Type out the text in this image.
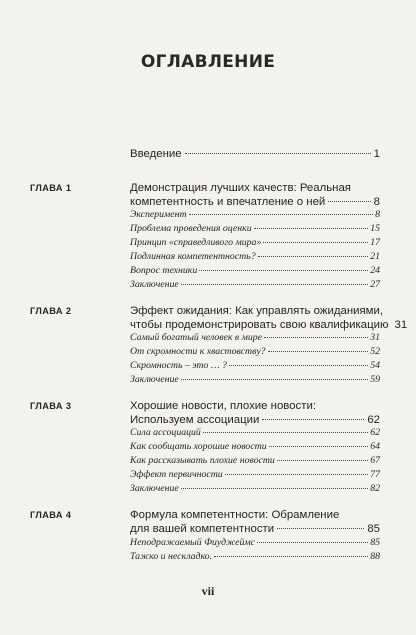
ОГЛАВЛЕНИЕ
Введение	1
ГЛАВА 1	Демонстрация лучших качеств: Реальная
компетентность и впечатление о ней	8
Эксперимент	8
Проблема проведения оценки	15
Принцип «справедливого мира»	17
Подлинная компетентность?	21
Вопрос техники	24
Заключение	27
ГЛАВА 2	Эффект ожидания: Как управлять ожиданиями,
чтобы продемонстрировать свою квалификацию 31
Самый богатый человек в мире	31
От скромности к хвастовству?	52
Скромность – это … ?	54
Заключение	59
ГЛАВА 3	Хорошие новости, плохие новости:
Используем ассоциации	62
Сила ассоциаций	62
Как сообщать хорошие новости	64
Как рассказывать плохие новости	67
Эффект первичности	77
Заключение	82
ГЛАВА 4	Формула компетентности: Обрамление
для вашей компетентности	85
Неподражаемый Фиуджеймс	85
Тажко и нескладко.	88
vii
